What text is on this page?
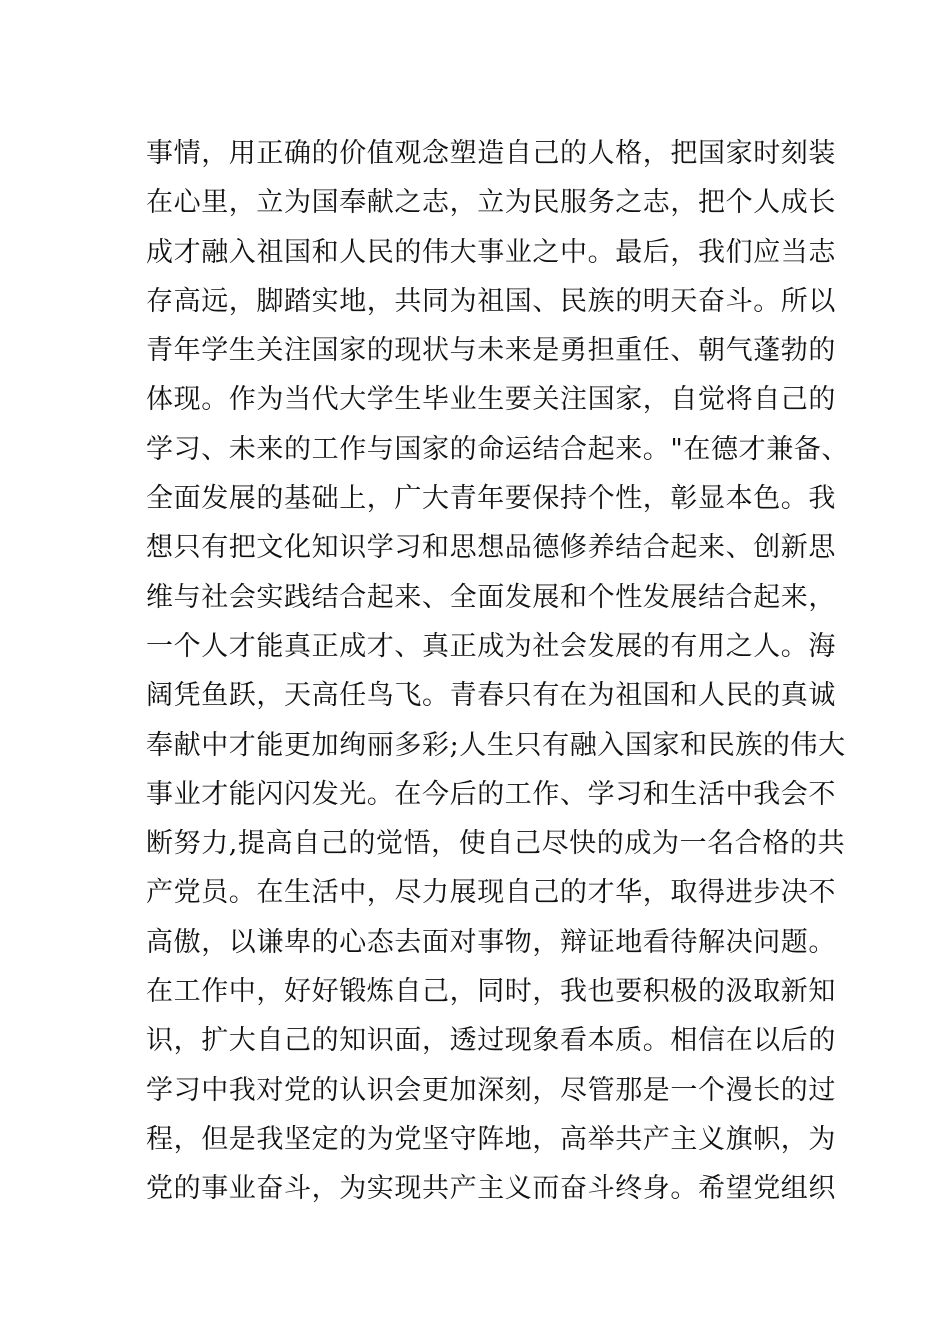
事情，用正确的价值观念塑造自己的人格，把国家时刻装
在心里，立为国奉献之志，立为民服务之志，把个人成长
成才融入祖国和人民的伟大事业之中。最后，我们应当志
存高远，脚踏实地，共同为祖国、民族的明天奋斗。所以
青年学生关注国家的现状与未来是勇担重任、朝气蓬勃的
体现。作为当代大学生毕业生要关注国家，自觉将自己的
学习、未来的工作与国家的命运结合起来。"在德才兼备、
全面发展的基础上，广大青年要保持个性，彰显本色。我
想只有把文化知识学习和思想品德修养结合起来、创新思
维与社会实践结合起来、全面发展和个性发展结合起来，
一个人才能真正成才、真正成为社会发展的有用之人。海
阔凭鱼跃，天高任鸟飞。青春只有在为祖国和人民的真诚
奉献中才能更加绚丽多彩;人生只有融入国家和民族的伟大
事业才能闪闪发光。在今后的工作、学习和生活中我会不
断努力,提高自己的觉悟，使自己尽快的成为一名合格的共
产党员。在生活中，尽力展现自己的才华，取得进步决不
高傲，以谦卑的心态去面对事物，辩证地看待解决问题。
在工作中，好好锻炼自己，同时，我也要积极的汲取新知
识，扩大自己的知识面，透过现象看本质。相信在以后的
学习中我对党的认识会更加深刻，尽管那是一个漫长的过
程，但是我坚定的为党坚守阵地，高举共产主义旗帜，为
党的事业奋斗，为实现共产主义而奋斗终身。希望党组织
